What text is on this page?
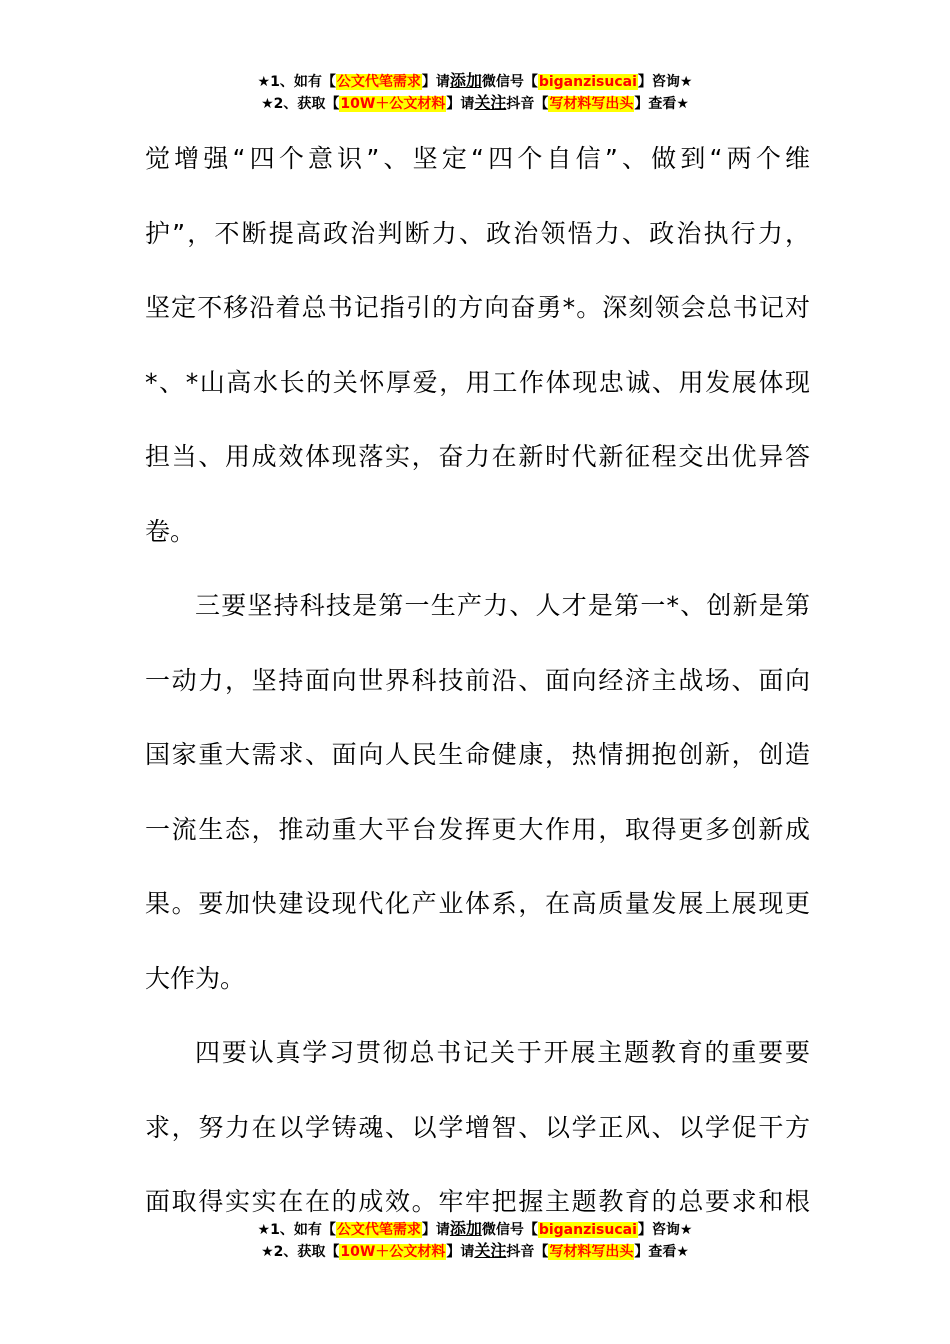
★1、如有【公文代笔需求】请添加微信号【biganzisucai】咨询★
★2、获取【10W＋公文材料】请关注抖音【写材料写出头】查看★
觉增强“四个意识”、坚定“四个自信”、做到“两个维
护”，不断提高政治判断力、政治领悟力、政治执行力，
坚定不移沿着总书记指引的方向奋勇*。深刻领会总书记对
*、*山高水长的关怀厚爱，用工作体现忠诚、用发展体现
担当、用成效体现落实，奋力在新时代新征程交出优异答
卷。
三要坚持科技是第一生产力、人才是第一*、创新是第
一动力，坚持面向世界科技前沿、面向经济主战场、面向
国家重大需求、面向人民生命健康，热情拥抱创新，创造
一流生态，推动重大平台发挥更大作用，取得更多创新成
果。要加快建设现代化产业体系，在高质量发展上展现更
大作为。
四要认真学习贯彻总书记关于开展主题教育的重要要
求，努力在以学铸魂、以学增智、以学正风、以学促干方
面取得实实在在的成效。牢牢把握主题教育的总要求和根
★1、如有【公文代笔需求】请添加微信号【biganzisucai】咨询★
★2、获取【10W＋公文材料】请关注抖音【写材料写出头】查看★
